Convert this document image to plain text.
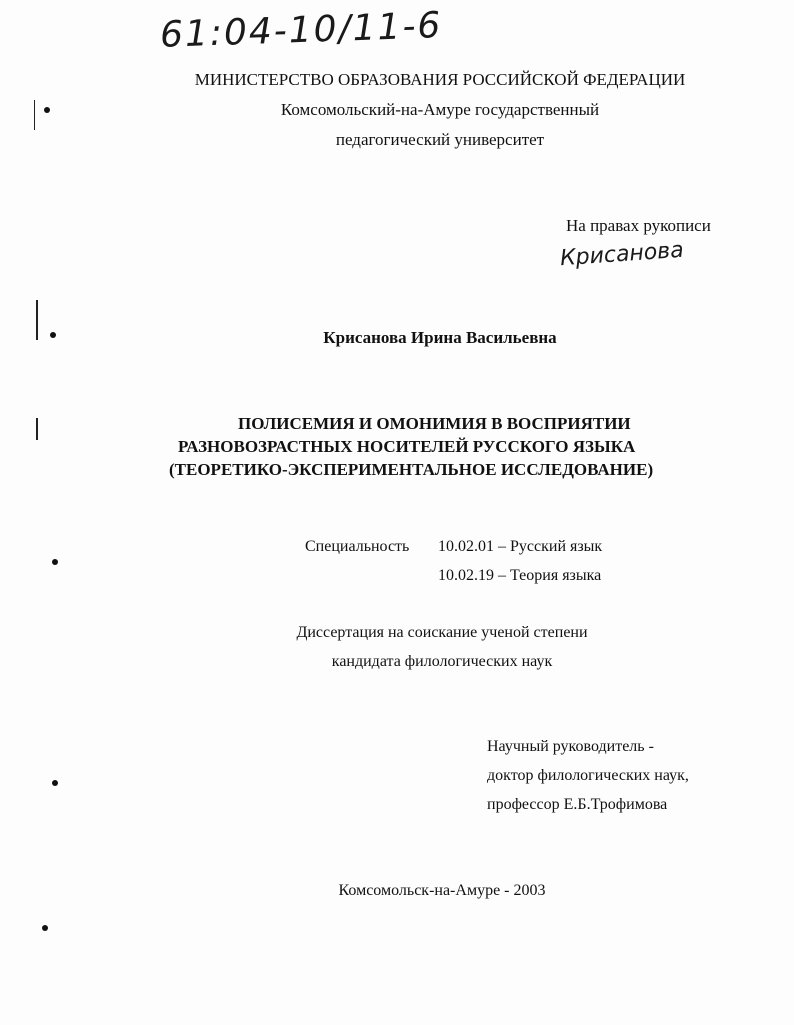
61:04-10/11-6
МИНИСТЕРСТВО ОБРАЗОВАНИЯ РОССИЙСКОЙ ФЕДЕРАЦИИ
Комсомольский-на-Амуре государственный
педагогический университет
На правах рукописи
Крисанова
Крисанова Ирина Васильевна
ПОЛИСЕМИЯ И ОМОНИМИЯ В ВОСПРИЯТИИ
РАЗНОВОЗРАСТНЫХ НОСИТЕЛЕЙ РУССКОГО ЯЗЫКА
(ТЕОРЕТИКО-ЭКСПЕРИМЕНТАЛЬНОЕ ИССЛЕДОВАНИЕ)
Специальность 10.02.01 – Русский язык
10.02.19 – Теория языка
Диссертация на соискание ученой степени
кандидата филологических наук
Научный руководитель -
доктор филологических наук,
профессор Е.Б.Трофимова
Комсомольск-на-Амуре - 2003
